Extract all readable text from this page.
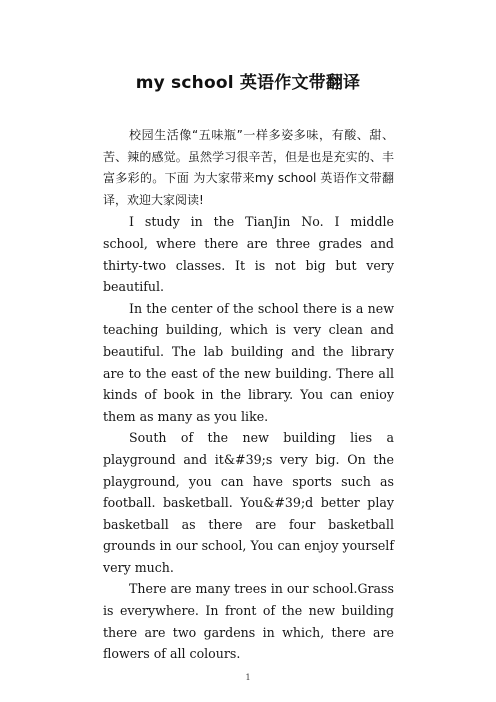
my school 英语作文带翻译

校园生活像“五味瓶”一样多姿多味，有酸、甜、苦、辣的感觉。虽然学习很辛苦，但是也是充实的、丰富多彩的。下面 为大家带来my school 英语作文带翻译，欢迎大家阅读!

I study in the TianJin No. I middle school, where there are three grades and thirty-two classes. It is not big but very beautiful.

In the center of the school there is a new teaching building, which is very clean and beautiful. The lab building and the library are to the east of the new building. There all kinds of book in the library. You can enioy them as many as you like.

South of the new building lies a playground and it&#39;s very big. On the playground, you can have sports such as football. basketball. You&#39;d better play basketball as there are four basketball grounds in our school, You can enjoy yourself very much.

There are many trees in our school.Grass is everywhere. In front of the new building there are two gardens in which, there are flowers of all colours.

1
